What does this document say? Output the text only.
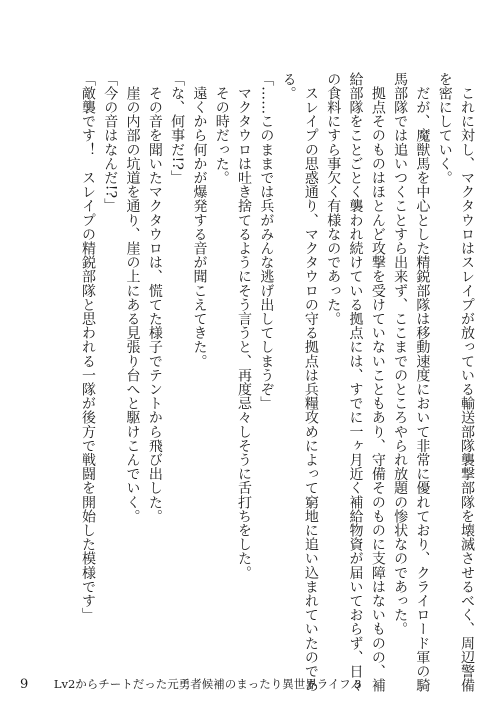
　これに対し、マクタウロはスレイプが放っている輸送部隊襲撃部隊を壊滅させるべく、周辺警備
を密にしていく。
　だが、魔獣馬を中心とした精鋭部隊は移動速度において非常に優れており、クライロード軍の騎
馬部隊では追いつくことすら出来ず、ここまでのところやられ放題の惨状なのであった。
　拠点そのものはほとんど攻撃を受けていないこともあり、守備そのものに支障はないものの、補
給部隊をことごとく襲われ続けている拠点には、すでに一ヶ月近く補給物資が届いておらず、日々
の食料にすら事欠く有様なのであった。
　スレイプの思惑通り、マクタウロの守る拠点は兵糧攻めによって窮地に追い込まれていたのであ
る。
「……このままでは兵がみんな逃げ出してしまうぞ」
　マクタウロは吐き捨てるようにそう言うと、再度忌々しそうに舌打ちをした。
　その時だった。
　遠くから何かが爆発する音が聞こえてきた。
「な、何事だ!?」
　その音を聞いたマクタウロは、慌てた様子でテントから飛び出した。
　崖の内部の坑道を通り、崖の上にある見張り台へと駆けこんでいく。
「今の音はなんだ!?」
「敵襲です！　スレイプの精鋭部隊と思われる一隊が後方で戦闘を開始した模様です」
9 Lv2からチートだった元勇者候補のまったり異世界ライフ 3
